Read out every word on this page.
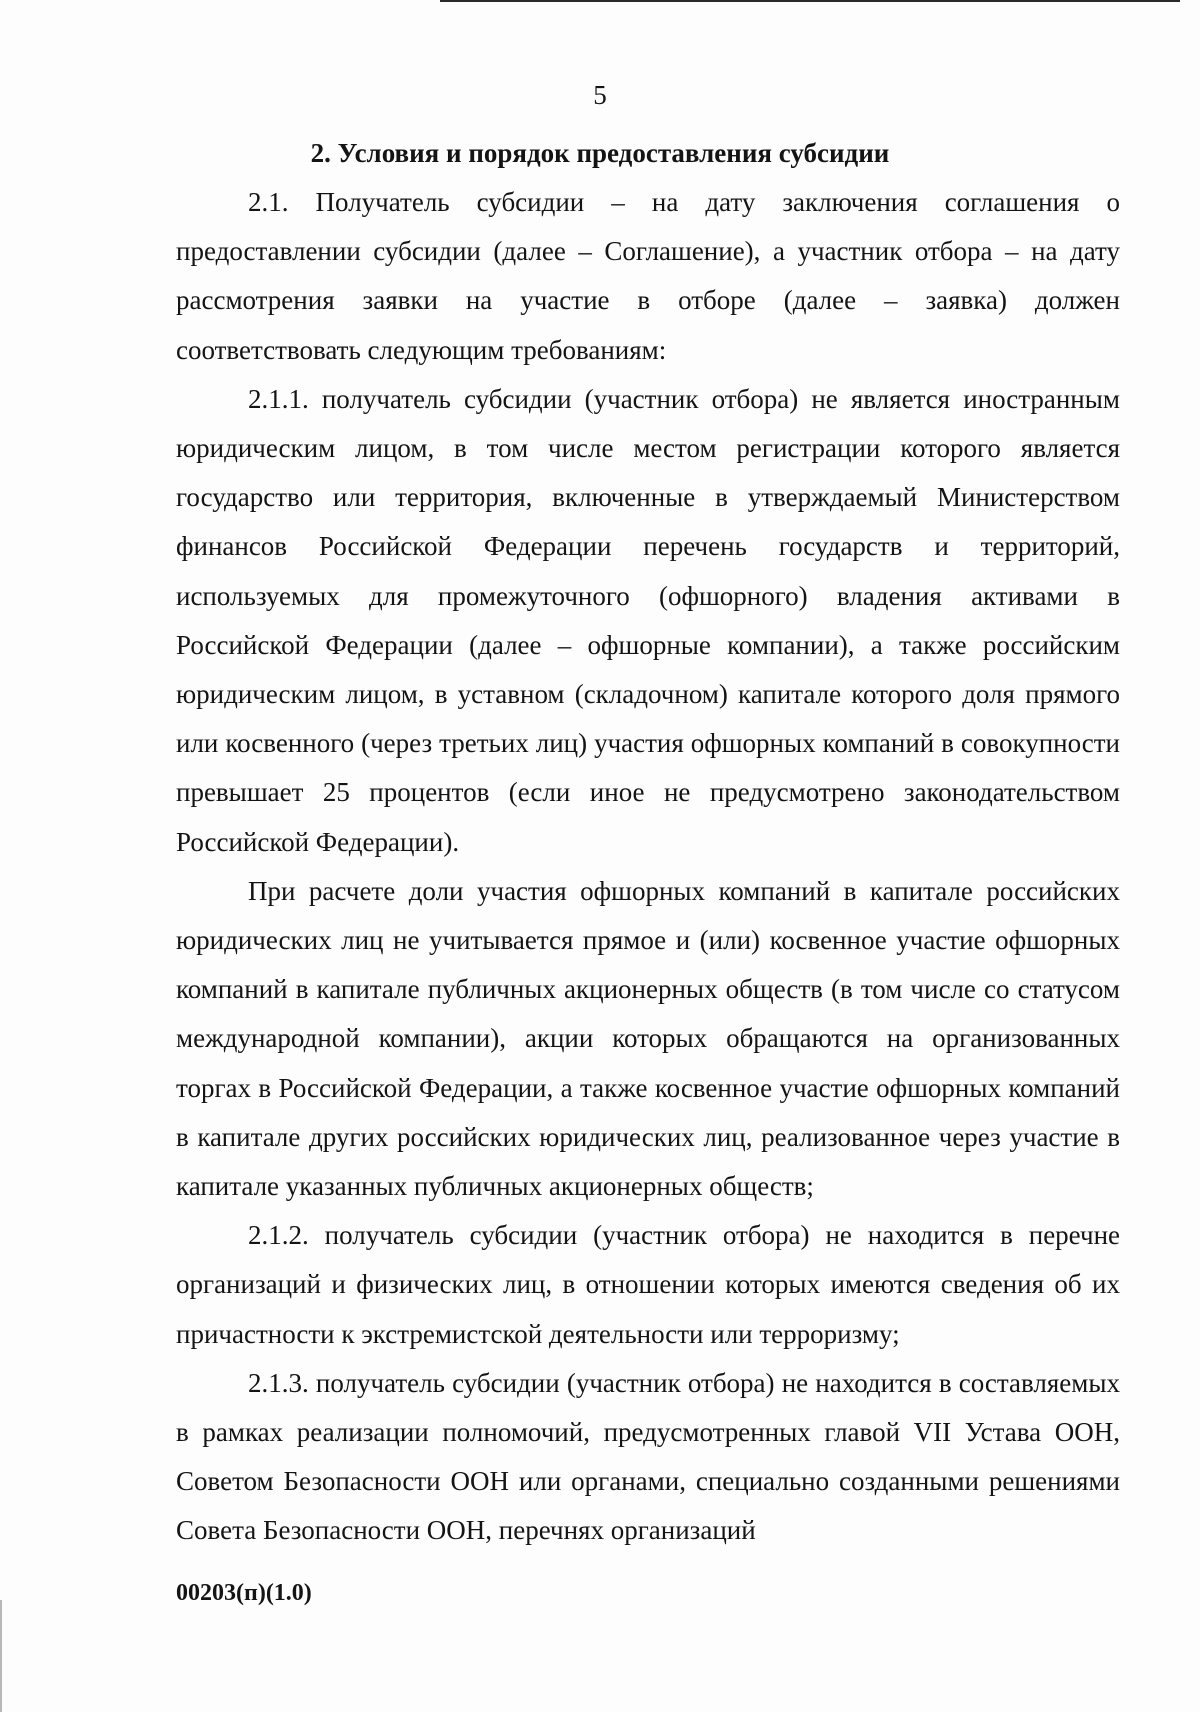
5
2. Условия и порядок предоставления субсидии

2.1. Получатель субсидии – на дату заключения соглашения о предоставлении субсидии (далее – Соглашение), а участник отбора – на дату рассмотрения заявки на участие в отборе (далее – заявка) должен соответствовать следующим требованиям:

2.1.1. получатель субсидии (участник отбора) не является иностранным юридическим лицом, в том числе местом регистрации которого является государство или территория, включенные в утверждаемый Министерством финансов Российской Федерации перечень государств и территорий, используемых для промежуточного (офшорного) владения активами в Российской Федерации (далее – офшорные компании), а также российским юридическим лицом, в уставном (складочном) капитале которого доля прямого или косвенного (через третьих лиц) участия офшорных компаний в совокупности превышает 25 процентов (если иное не предусмотрено законодательством Российской Федерации).

При расчете доли участия офшорных компаний в капитале российских юридических лиц не учитывается прямое и (или) косвенное участие офшорных компаний в капитале публичных акционерных обществ (в том числе со статусом международной компании), акции которых обращаются на организованных торгах в Российской Федерации, а также косвенное участие офшорных компаний в капитале других российских юридических лиц, реализованное через участие в капитале указанных публичных акционерных обществ;

2.1.2. получатель субсидии (участник отбора) не находится в перечне организаций и физических лиц, в отношении которых имеются сведения об их причастности к экстремистской деятельности или терроризму;

2.1.3. получатель субсидии (участник отбора) не находится в составляемых в рамках реализации полномочий, предусмотренных главой VII Устава ООН, Советом Безопасности ООН или органами, специально созданными решениями Совета Безопасности ООН, перечнях организаций

00203(п)(1.0)
